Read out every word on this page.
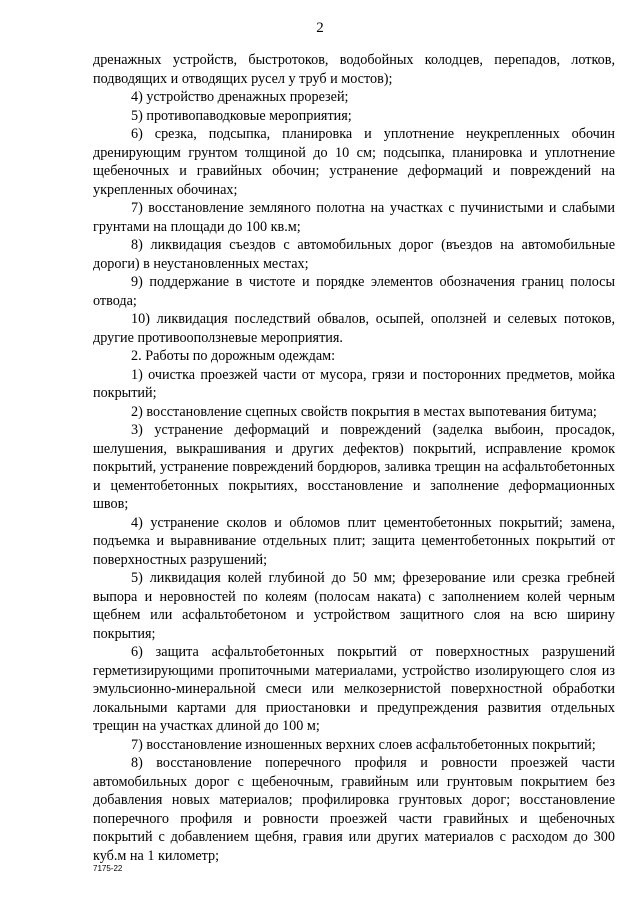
2

дренажных устройств, быстротоков, водобойных колодцев, перепадов, лотков, подводящих и отводящих русел у труб и мостов);

4) устройство дренажных прорезей;

5) противопаводковые мероприятия;

6) срезка, подсыпка, планировка и уплотнение неукрепленных обочин дренирующим грунтом толщиной до 10 см; подсыпка, планировка и уплотнение щебеночных и гравийных обочин; устранение деформаций и повреждений на укрепленных обочинах;

7) восстановление земляного полотна на участках с пучинистыми и слабыми грунтами на площади до 100 кв.м;

8) ликвидация съездов с автомобильных дорог (въездов на автомобильные дороги) в неустановленных местах;

9) поддержание в чистоте и порядке элементов обозначения границ полосы отвода;

10) ликвидация последствий обвалов, осыпей, оползней и селевых потоков, другие противооползневые мероприятия.

2. Работы по дорожным одеждам:

1) очистка проезжей части от мусора, грязи и посторонних предметов, мойка покрытий;

2) восстановление сцепных свойств покрытия в местах выпотевания битума;

3) устранение деформаций и повреждений (заделка выбоин, просадок, шелушения, выкрашивания и других дефектов) покрытий, исправление кромок покрытий, устранение повреждений бордюров, заливка трещин на асфальтобетонных и цементобетонных покрытиях, восстановление и заполнение деформационных швов;

4) устранение сколов и обломов плит цементобетонных покрытий; замена, подъемка и выравнивание отдельных плит; защита цементобетонных покрытий от поверхностных разрушений;

5) ликвидация колей глубиной до 50 мм; фрезерование или срезка гребней выпора и неровностей по колеям (полосам наката) с заполнением колей черным щебнем или асфальтобетоном и устройством защитного слоя на всю ширину покрытия;

6) защита асфальтобетонных покрытий от поверхностных разрушений герметизирующими пропиточными материалами, устройство изолирующего слоя из эмульсионно-минеральной смеси или мелкозернистой поверхностной обработки локальными картами для приостановки и предупреждения развития отдельных трещин на участках длиной до 100 м;

7) восстановление изношенных верхних слоев асфальтобетонных покрытий;

8) восстановление поперечного профиля и ровности проезжей части автомобильных дорог с щебеночным, гравийным или грунтовым покрытием без добавления новых материалов; профилировка грунтовых дорог; восстановление поперечного профиля и ровности проезжей части гравийных и щебеночных покрытий с добавлением щебня, гравия или других материалов с расходом до 300 куб.м на 1 километр;

7175-22
